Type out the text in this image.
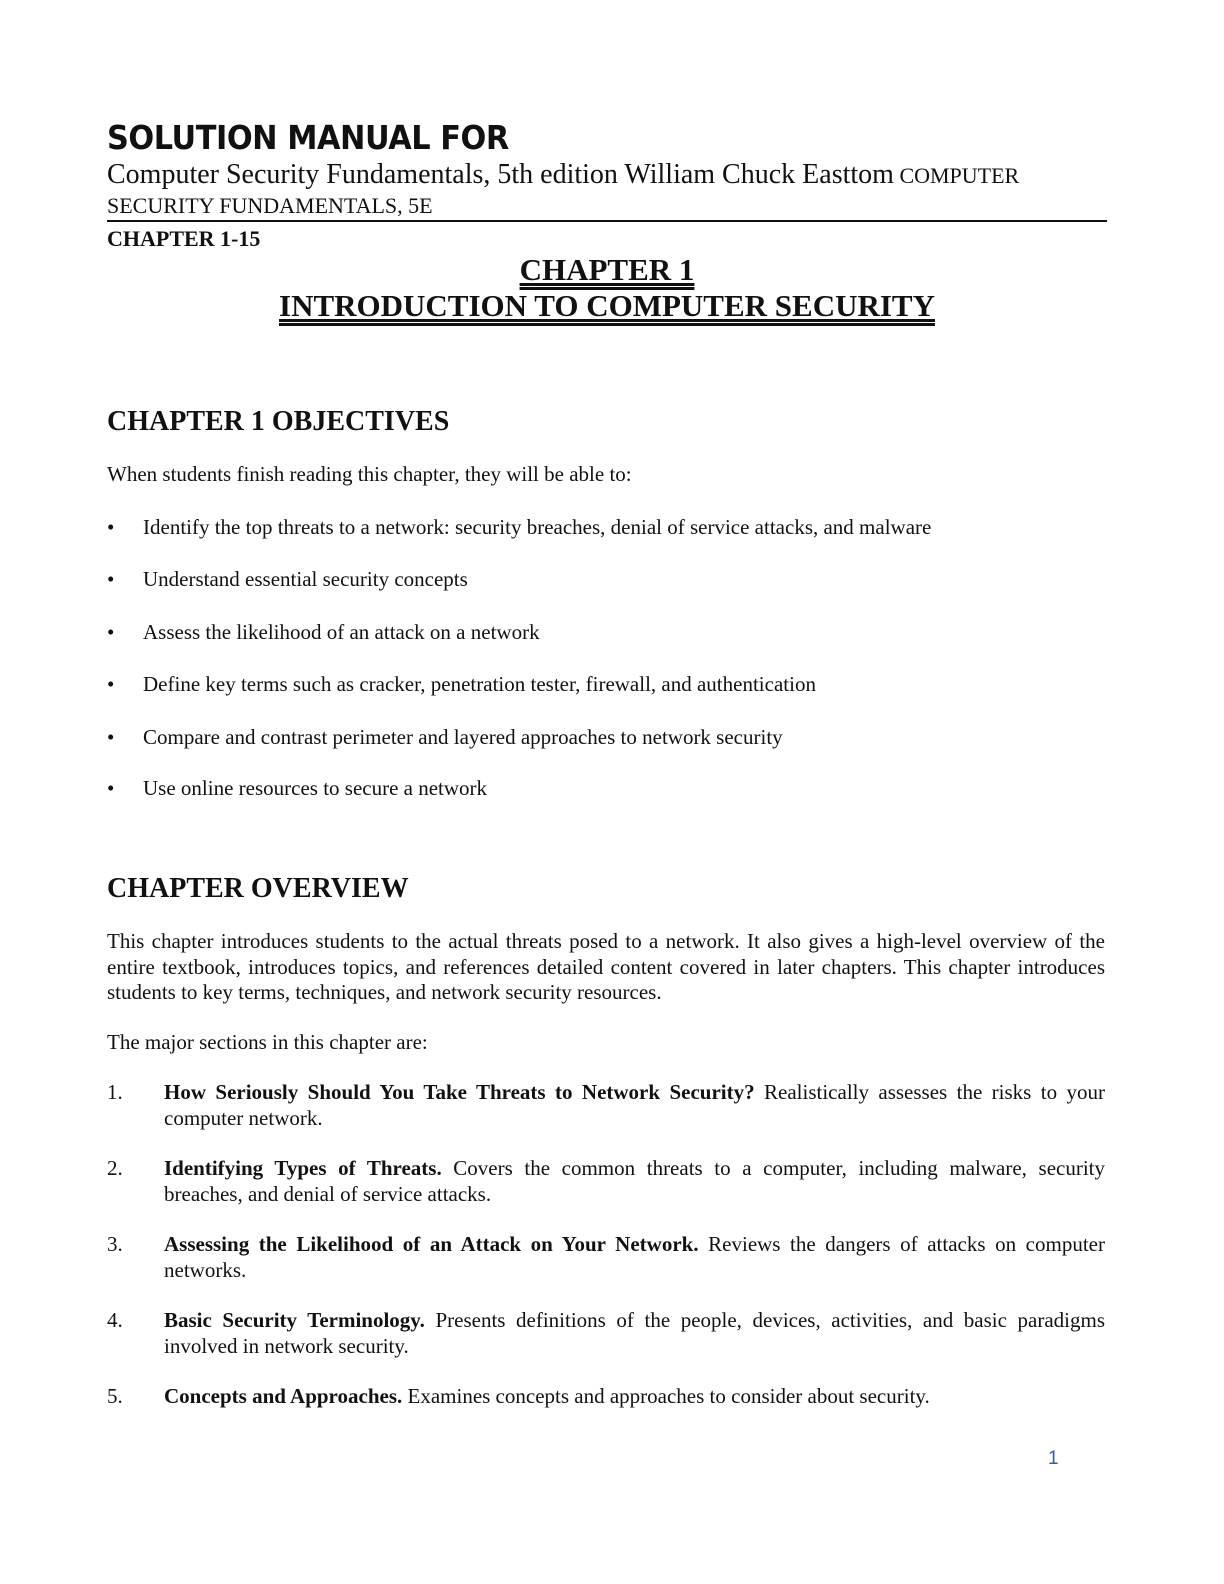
SOLUTION MANUAL FOR
Computer Security Fundamentals, 5th edition William Chuck Easttom COMPUTER
SECURITY FUNDAMENTALS, 5E
CHAPTER 1-15
CHAPTER 1
INTRODUCTION TO COMPUTER SECURITY
CHAPTER 1 OBJECTIVES
When students finish reading this chapter, they will be able to:
•	Identify the top threats to a network: security breaches, denial of service attacks, and malware
•	Understand essential security concepts
•	Assess the likelihood of an attack on a network
•	Define key terms such as cracker, penetration tester, firewall, and authentication
•	Compare and contrast perimeter and layered approaches to network security
•	Use online resources to secure a network
CHAPTER OVERVIEW
This chapter introduces students to the actual threats posed to a network. It also gives a high-level overview of the entire textbook, introduces topics, and references detailed content covered in later chapters. This chapter introduces students to key terms, techniques, and network security resources.
The major sections in this chapter are:
1.	How Seriously Should You Take Threats to Network Security? Realistically assesses the risks to your computer network.
2.	Identifying Types of Threats. Covers the common threats to a computer, including malware, security breaches, and denial of service attacks.
3.	Assessing the Likelihood of an Attack on Your Network. Reviews the dangers of attacks on computer networks.
4.	Basic Security Terminology. Presents definitions of the people, devices, activities, and basic paradigms involved in network security.
5.	Concepts and Approaches. Examines concepts and approaches to consider about security.
1
